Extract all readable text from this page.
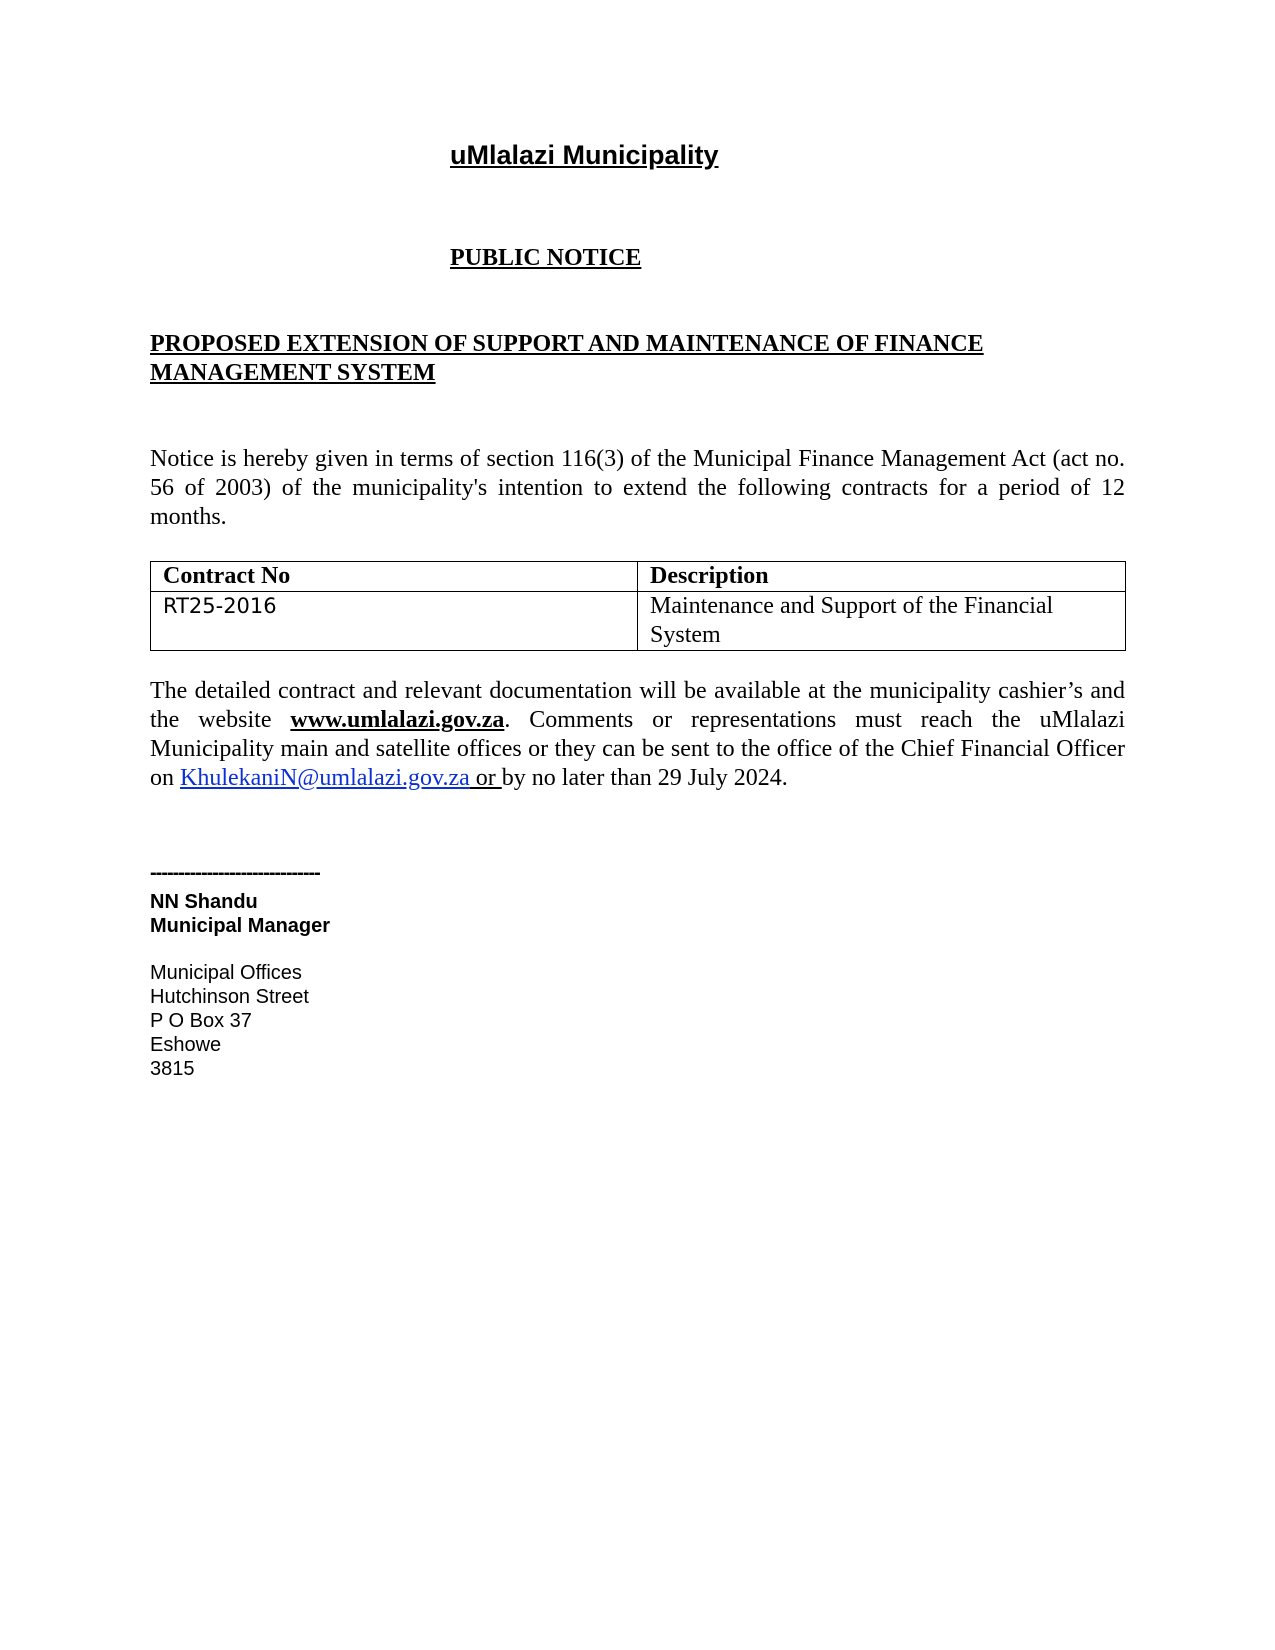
uMlalazi Municipality
PUBLIC NOTICE
PROPOSED EXTENSION OF SUPPORT AND MAINTENANCE OF FINANCE MANAGEMENT SYSTEM
Notice is hereby given in terms of section 116(3) of the Municipal Finance Management Act (act no. 56 of 2003) of the municipality's intention to extend the following contracts for a period of 12 months.
Contract No	Description
RT25-2016	Maintenance and Support of the Financial System
The detailed contract and relevant documentation will be available at the municipality cashier’s and the website www.umlalazi.gov.za. Comments or representations must reach the uMlalazi Municipality main and satellite offices or they can be sent to the office of the Chief Financial Officer on KhulekaniN@umlalazi.gov.za or by no later than 29 July 2024.
------------------------------
NN Shandu
Municipal Manager
Municipal Offices
Hutchinson Street
P O Box 37
Eshowe
3815
